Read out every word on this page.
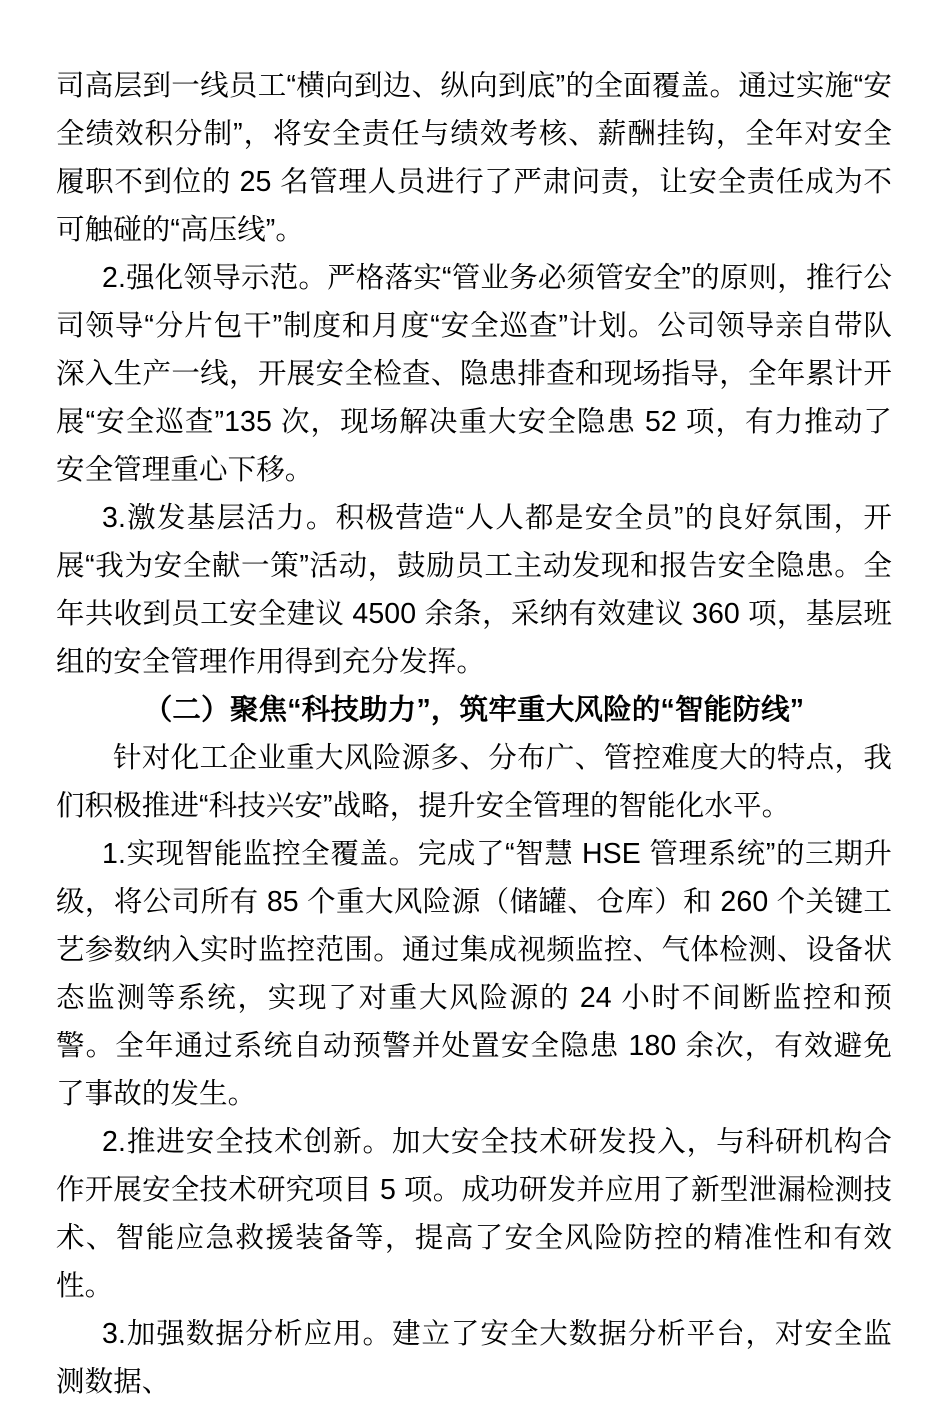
司高层到一线员工“横向到边、纵向到底”的全面覆盖。通过实施“安全绩效积分制”，将安全责任与绩效考核、薪酬挂钩，全年对安全履职不到位的 25 名管理人员进行了严肃问责，让安全责任成为不可触碰的“高压线”。

2.强化领导示范。严格落实“管业务必须管安全”的原则，推行公司领导“分片包干”制度和月度“安全巡查”计划。公司领导亲自带队深入生产一线，开展安全检查、隐患排查和现场指导，全年累计开展“安全巡查”135 次，现场解决重大安全隐患 52 项，有力推动了安全管理重心下移。

3.激发基层活力。积极营造“人人都是安全员”的良好氛围，开展“我为安全献一策”活动，鼓励员工主动发现和报告安全隐患。全年共收到员工安全建议 4500 余条，采纳有效建议 360 项，基层班组的安全管理作用得到充分发挥。

（二）聚焦“科技助力”，筑牢重大风险的“智能防线”

针对化工企业重大风险源多、分布广、管控难度大的特点，我们积极推进“科技兴安”战略，提升安全管理的智能化水平。

1.实现智能监控全覆盖。完成了“智慧 HSE 管理系统”的三期升级，将公司所有 85 个重大风险源（储罐、仓库）和 260 个关键工艺参数纳入实时监控范围。通过集成视频监控、气体检测、设备状态监测等系统，实现了对重大风险源的 24 小时不间断监控和预警。全年通过系统自动预警并处置安全隐患 180 余次，有效避免了事故的发生。

2.推进安全技术创新。加大安全技术研发投入，与科研机构合作开展安全技术研究项目 5 项。成功研发并应用了新型泄漏检测技术、智能应急救援装备等，提高了安全风险防控的精准性和有效性。

3.加强数据分析应用。建立了安全大数据分析平台，对安全监测数据、
